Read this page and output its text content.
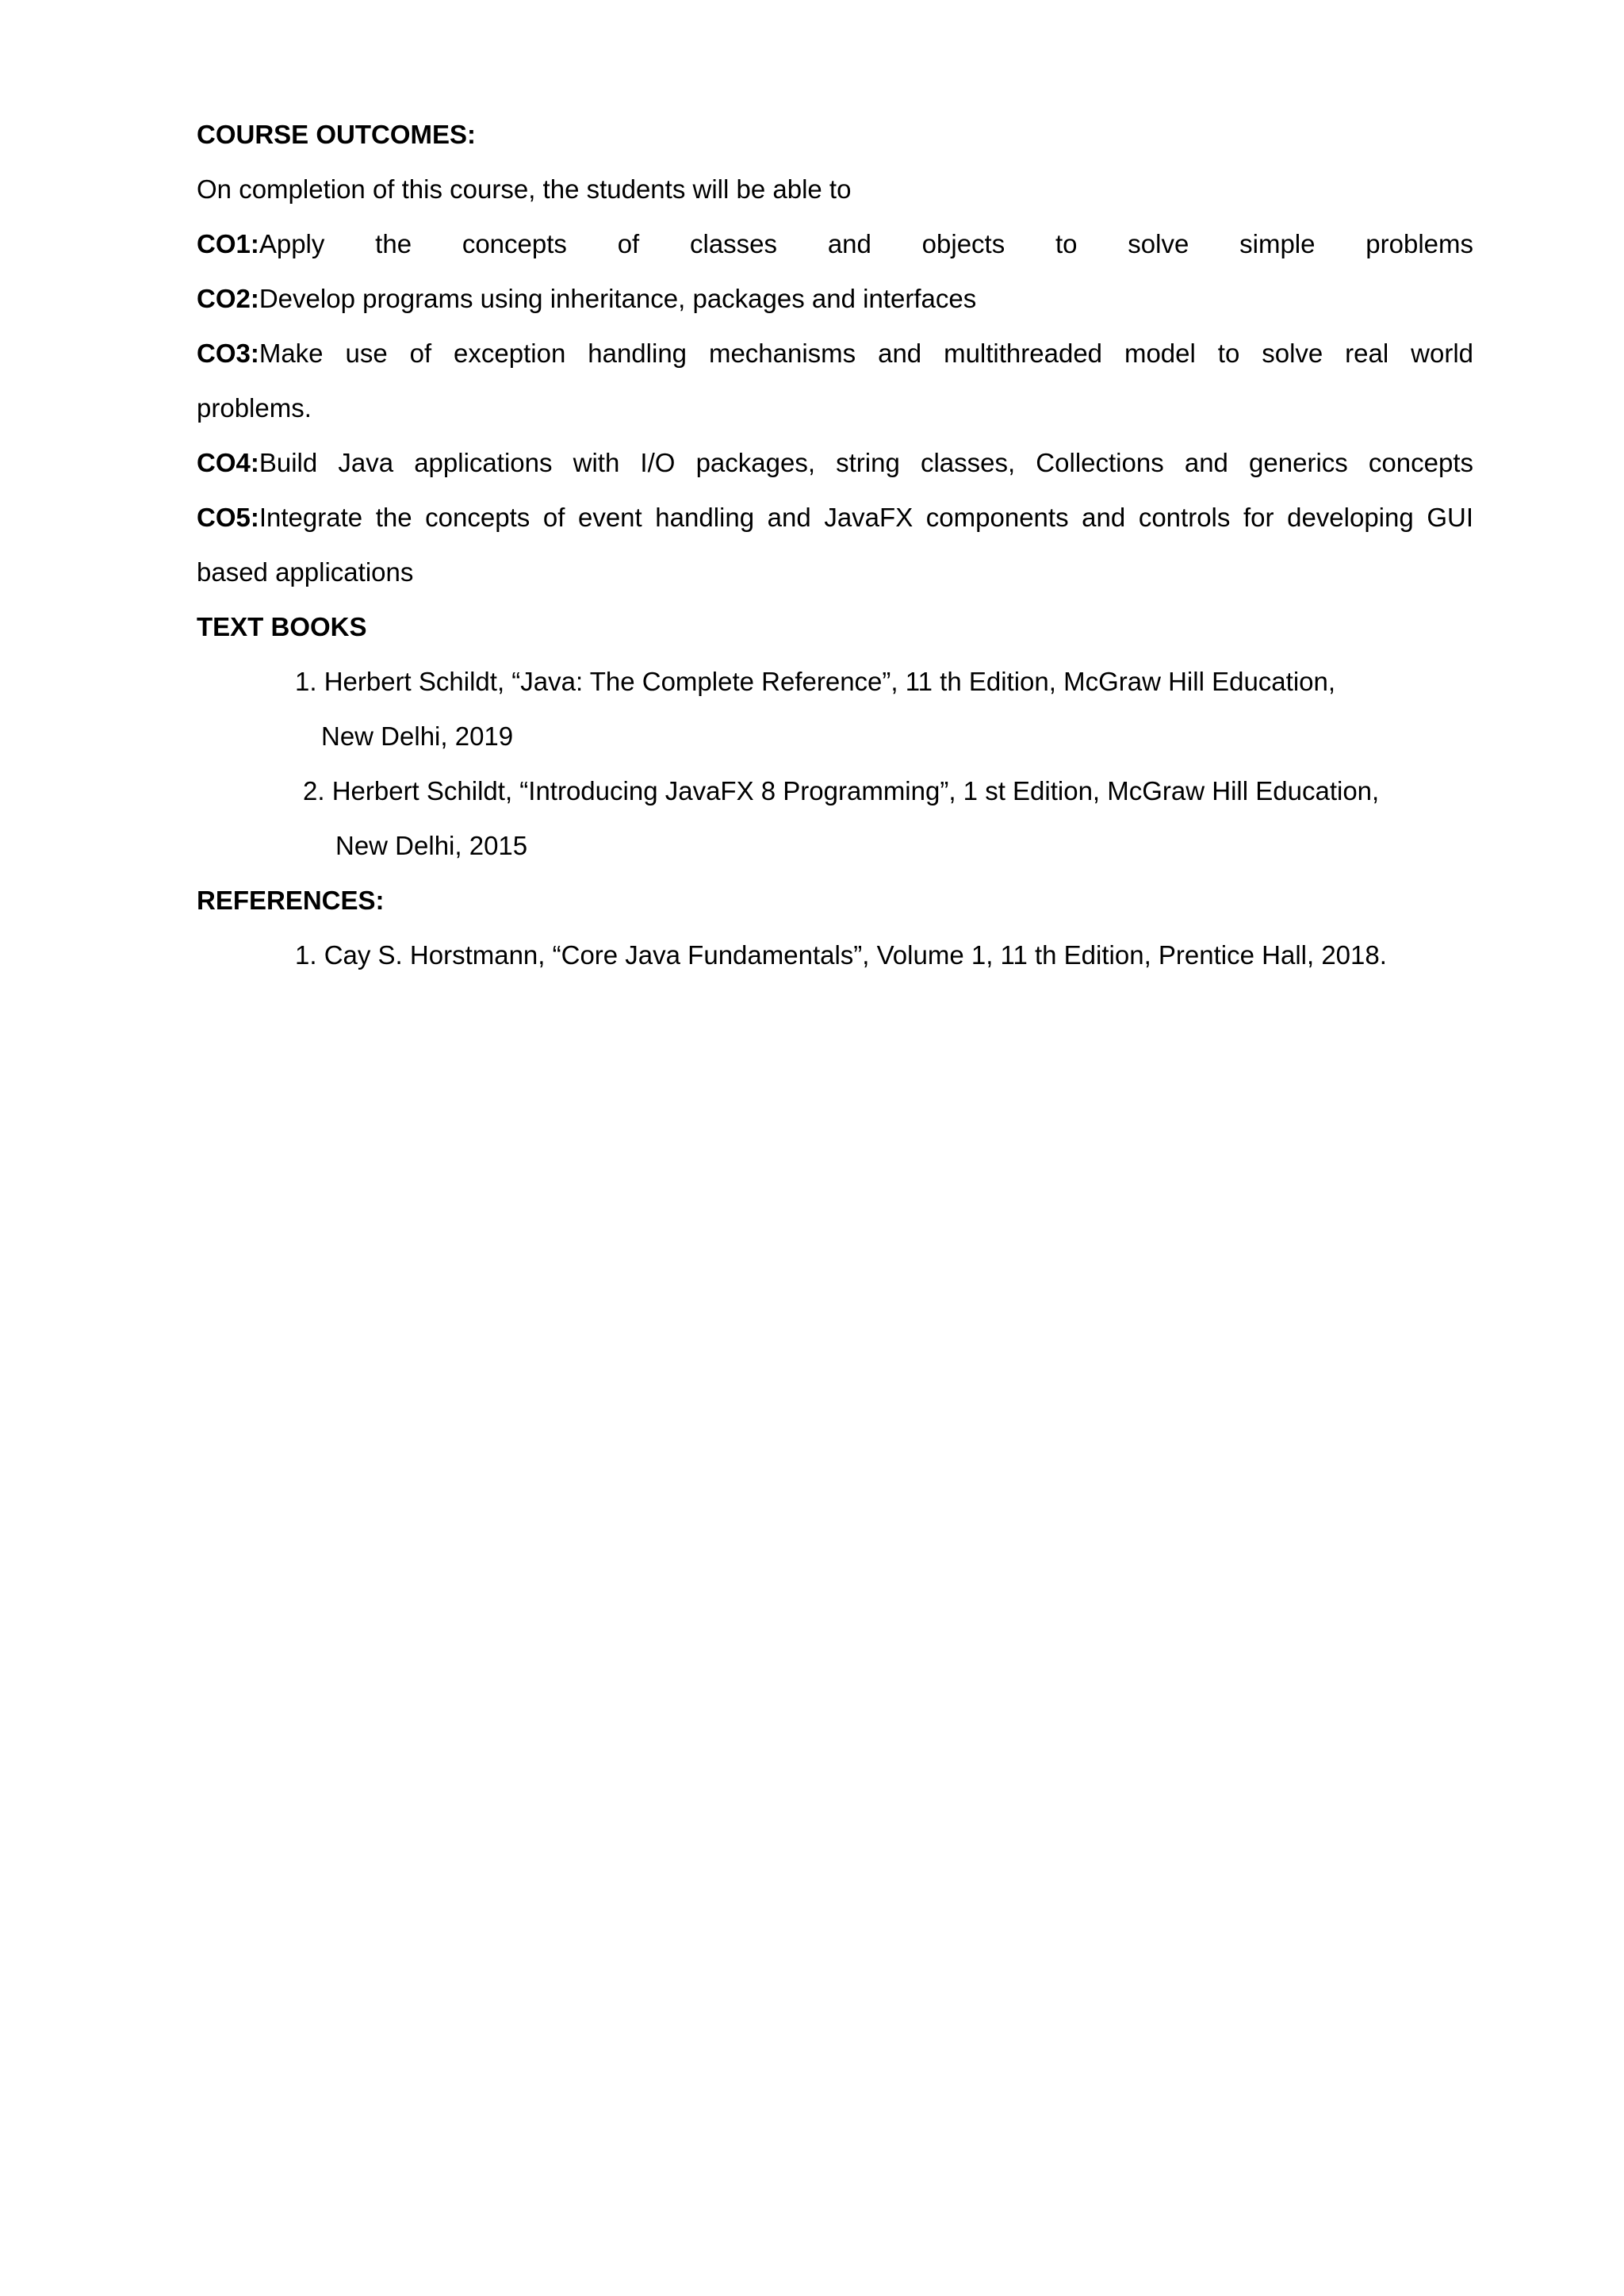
COURSE OUTCOMES:
On completion of this course, the students will be able to
CO1:Apply the concepts of classes and objects to solve simple problems
CO2:Develop programs using inheritance, packages and interfaces
CO3:Make use of exception handling mechanisms and multithreaded model to solve real world
problems.
CO4:Build Java applications with I/O packages, string classes, Collections and generics concepts
CO5:Integrate the concepts of event handling and JavaFX components and controls for developing GUI
based applications
TEXT BOOKS
1. Herbert Schildt, “Java: The Complete Reference”, 11 th Edition, McGraw Hill Education,
New Delhi, 2019
2. Herbert Schildt, “Introducing JavaFX 8 Programming”, 1 st Edition, McGraw Hill Education,
New Delhi, 2015
REFERENCES:
1. Cay S. Horstmann, “Core Java Fundamentals”, Volume 1, 11 th Edition, Prentice Hall, 2018.
